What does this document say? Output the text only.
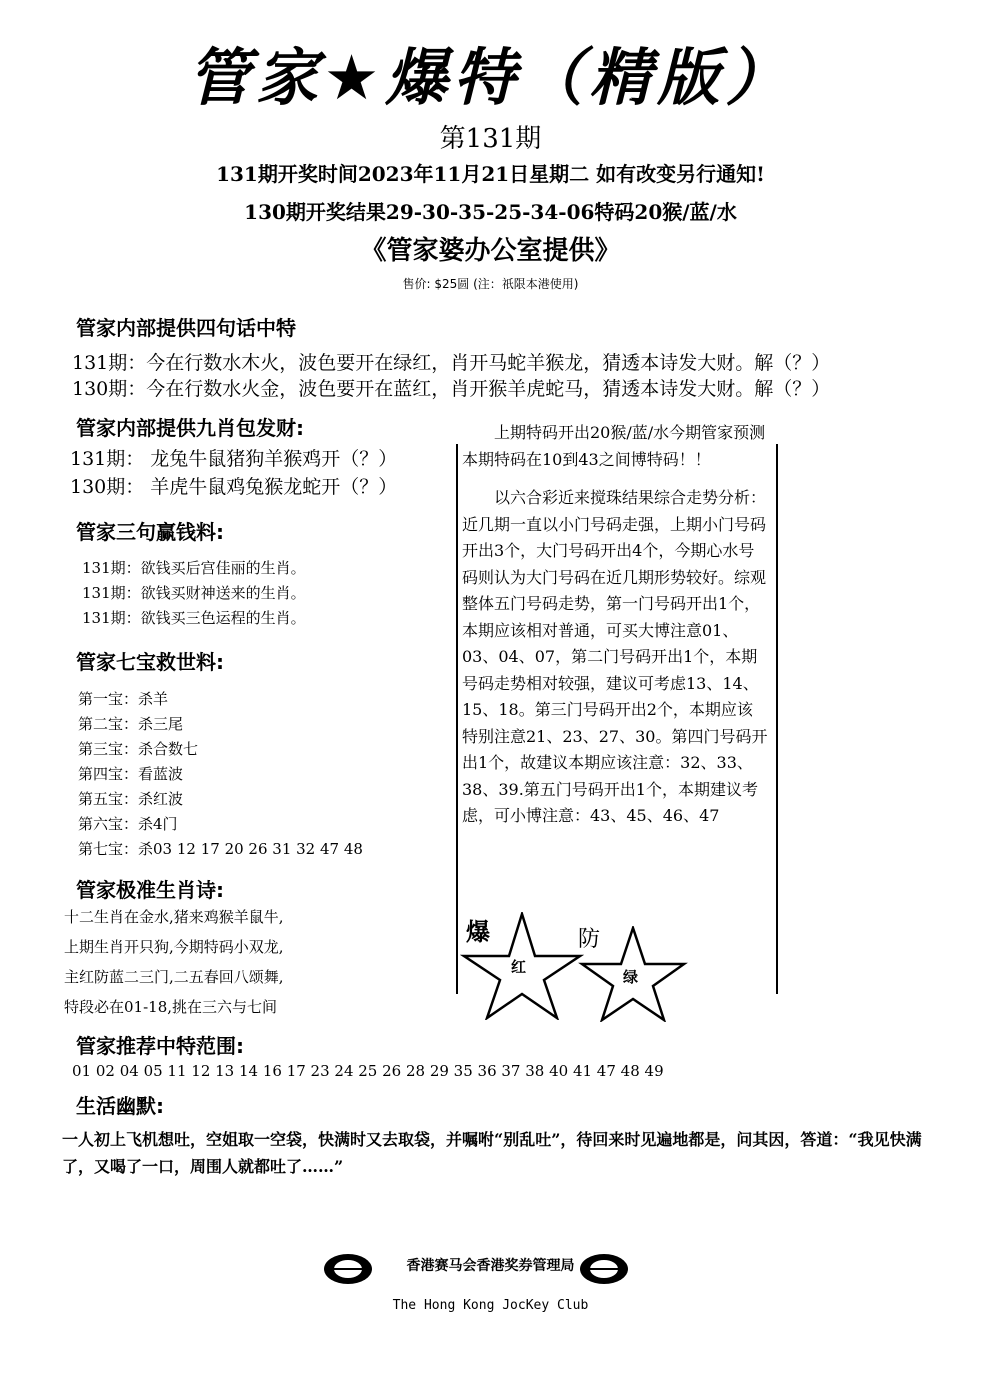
管家★爆特（精版）
第131期
131期开奖时间2023年11月21日星期二 如有改变另行通知!
130期开奖结果29-30-35-25-34-06特码20猴/蓝/水
《管家婆办公室提供》
售价: $25圆 (注：祇限本港使用)
管家内部提供四句话中特
131期：今在行数水木火，波色要开在绿红，肖开马蛇羊猴龙，猜透本诗发大财。解（？）
130期：今在行数水火金，波色要开在蓝红，肖开猴羊虎蛇马，猜透本诗发大财。解（？）
管家内部提供九肖包发财:
131期： 龙兔牛鼠猪狗羊猴鸡开（？）
130期： 羊虎牛鼠鸡兔猴龙蛇开（？）
管家三句赢钱料:
131期：欲钱买后宫佳丽的生肖。
131期：欲钱买财神送来的生肖。
131期：欲钱买三色运程的生肖。
管家七宝救世料:
第一宝：杀羊
第二宝：杀三尾
第三宝：杀合数七
第四宝：看蓝波
第五宝：杀红波
第六宝：杀4门
第七宝：杀03 12 17 20 26 31 32 47 48
管家极准生肖诗:
十二生肖在金水,猪来鸡猴羊鼠牛,
上期生肖开只狗,今期特码小双龙,
主红防蓝二三门,二五春回八颂舞,
特段必在01-18,挑在三六与七间

上期特码开出20猴/蓝/水今期管家预测本期特码在10到43之间博特码！！

以六合彩近来搅珠结果综合走势分析：近几期一直以小门号码走强，上期小门号码开出3个，大门号码开出4个，今期心水号码则认为大门号码在近几期形势较好。综观整体五门号码走势，第一门号码开出1个，本期应该相对普通，可买大博注意01、03、04、07，第二门号码开出1个，本期号码走势相对较强，建议可考虑13、14、15、18。第三门号码开出2个，本期应该特别注意21、23、27、30。第四门号码开出1个，故建议本期应该注意：32、33、38、39.第五门号码开出1个，本期建议考虑，可小博注意：43、45、46、47

爆
红
防
绿
管家推荐中特范围:
01 02 04 05 11 12 13 14 16 17 23 24 25 26 28 29 35 36 37 38 40 41 47 48 49
生活幽默:
一人初上飞机想吐，空姐取一空袋，快满时又去取袋，并嘱咐“别乱吐”，待回来时见遍地都是，问其因，答道：“我见快满了，又喝了一口，周围人就都吐了……”
香港赛马会香港奖券管理局
The Hong Kong JocKey Club
